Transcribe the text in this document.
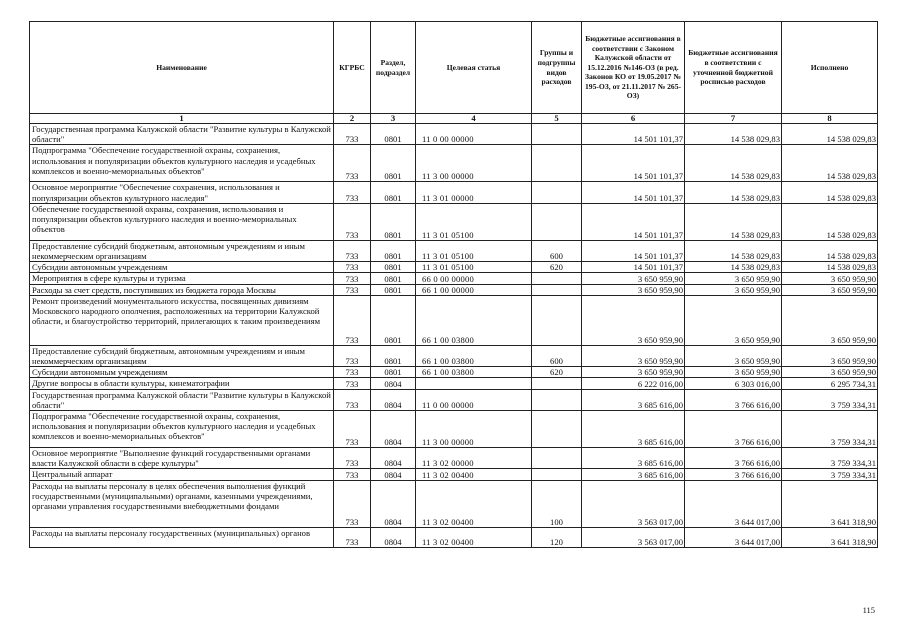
Наименование	КГРБС	Раздел, подраздел	Целевая статья	Группы и подгруппы видов расходов	Бюджетные ассигнования в соответствии с Законом Калужской области от 15.12.2016 №146-ОЗ (в ред. Законов КО от 19.05.2017 № 195-ОЗ, от 21.11.2017 № 265-ОЗ)	Бюджетные ассигнования в соответствии с уточненной бюджетной росписью расходов	Исполнено
1	2	3	4	5	6	7	8
Государственная программа Калужской области "Развитие культуры в Калужской области"	733	0801	11 0 00 00000		14 501 101,37	14 538 029,83	14 538 029,83
Подпрограмма "Обеспечение государственной охраны, сохранения, использования и популяризации объектов культурного наследия и усадебных комплексов и военно-мемориальных объектов"	733	0801	11 3 00 00000		14 501 101,37	14 538 029,83	14 538 029,83
Основное мероприятие "Обеспечение сохранения, использования и популяризации объектов культурного наследия"	733	0801	11 3 01 00000		14 501 101,37	14 538 029,83	14 538 029,83
Обеспечение государственной охраны, сохранения, использования и популяризации объектов культурного наследия и военно-мемориальных объектов	733	0801	11 3 01 05100		14 501 101,37	14 538 029,83	14 538 029,83
Предоставление субсидий бюджетным, автономным учреждениям и иным некоммерческим организациям	733	0801	11 3 01 05100	600	14 501 101,37	14 538 029,83	14 538 029,83
Субсидии автономным учреждениям	733	0801	11 3 01 05100	620	14 501 101,37	14 538 029,83	14 538 029,83
Мероприятия в сфере культуры и туризма	733	0801	66 0 00 00000		3 650 959,90	3 650 959,90	3 650 959,90
Расходы за счет средств, поступивших из бюджета города Москвы	733	0801	66 1 00 00000		3 650 959,90	3 650 959,90	3 650 959,90
Ремонт произведений монументального искусства, посвященных дивизиям Московского народного ополчения, расположенных на территории Калужской области, и благоустройство территорий, прилегающих к таким произведениям	733	0801	66 1 00 03800		3 650 959,90	3 650 959,90	3 650 959,90
Предоставление субсидий бюджетным, автономным учреждениям и иным некоммерческим организациям	733	0801	66 1 00 03800	600	3 650 959,90	3 650 959,90	3 650 959,90
Субсидии автономным учреждениям	733	0801	66 1 00 03800	620	3 650 959,90	3 650 959,90	3 650 959,90
Другие вопросы в области культуры, кинематографии	733	0804			6 222 016,00	6 303 016,00	6 295 734,31
Государственная программа Калужской области "Развитие культуры в Калужской области"	733	0804	11 0 00 00000		3 685 616,00	3 766 616,00	3 759 334,31
Подпрограмма "Обеспечение государственной охраны, сохранения, использования и популяризации объектов культурного наследия и усадебных комплексов и военно-мемориальных объектов"	733	0804	11 3 00 00000		3 685 616,00	3 766 616,00	3 759 334,31
Основное мероприятие "Выполнение функций государственными органами власти Калужской области в сфере культуры"	733	0804	11 3 02 00000		3 685 616,00	3 766 616,00	3 759 334,31
Центральный аппарат	733	0804	11 3 02 00400		3 685 616,00	3 766 616,00	3 759 334,31
Расходы на выплаты персоналу в целях обеспечения выполнения функций государственными (муниципальными) органами, казенными учреждениями, органами управления государственными внебюджетными фондами	733	0804	11 3 02 00400	100	3 563 017,00	3 644 017,00	3 641 318,90
Расходы на выплаты персоналу государственных (муниципальных) органов	733	0804	11 3 02 00400	120	3 563 017,00	3 644 017,00	3 641 318,90
115
